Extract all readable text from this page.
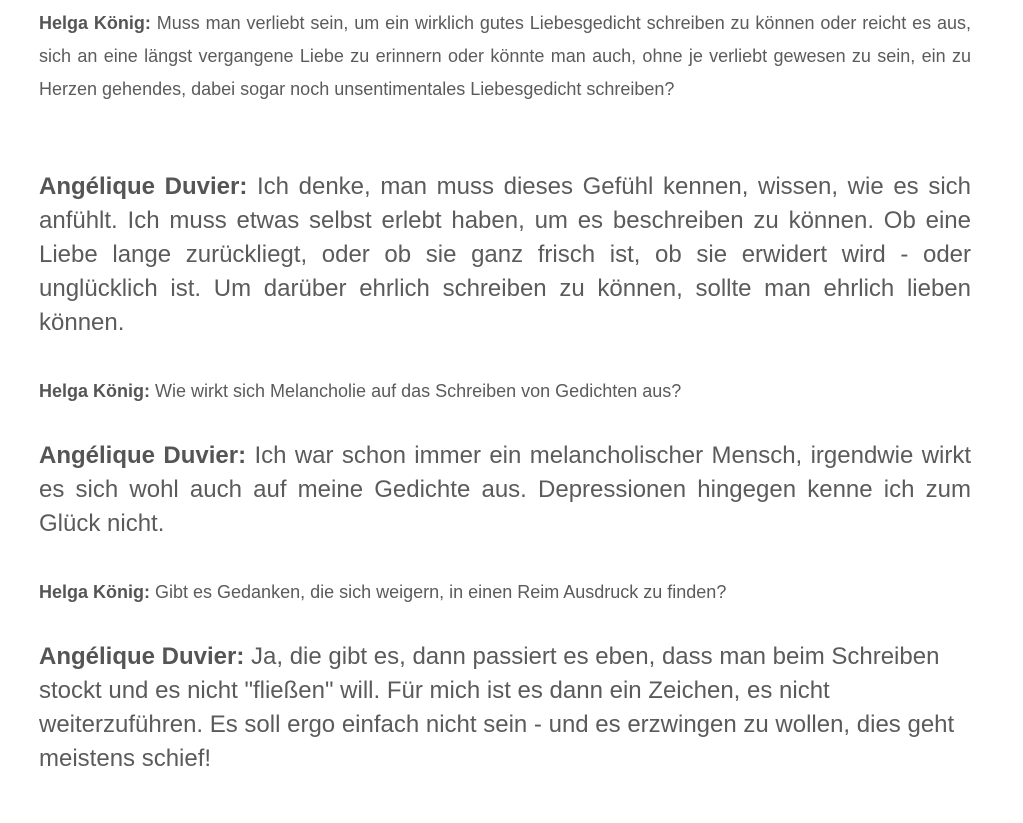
Helga König: Muss man verliebt sein, um ein wirklich gutes Liebesgedicht schreiben zu können oder reicht es aus, sich an eine längst vergangene Liebe zu erinnern oder könnte man auch, ohne je verliebt gewesen zu sein, ein zu Herzen gehendes, dabei sogar noch unsentimentales Liebesgedicht schreiben?

Angélique Duvier: Ich denke, man muss dieses Gefühl kennen, wissen, wie es sich anfühlt. Ich muss etwas selbst erlebt haben, um es beschreiben zu können. Ob eine Liebe lange zurückliegt, oder ob sie ganz frisch ist, ob sie erwidert wird - oder unglücklich ist. Um darüber ehrlich schreiben zu können, sollte man ehrlich lieben können.

Helga König: Wie wirkt sich Melancholie auf das Schreiben von Gedichten aus?

Angélique Duvier: Ich war schon immer ein melancholischer Mensch, irgendwie wirkt es sich wohl auch auf meine Gedichte aus. Depressionen hingegen kenne ich zum Glück nicht.

Helga König: Gibt es Gedanken, die sich weigern, in einen Reim Ausdruck zu finden?

Angélique Duvier: Ja, die gibt es, dann passiert es eben, dass man beim Schreiben stockt und es nicht "fließen" will. Für mich ist es dann ein Zeichen, es nicht weiterzuführen. Es soll ergo einfach nicht sein - und es erzwingen zu wollen, dies geht meistens schief!
